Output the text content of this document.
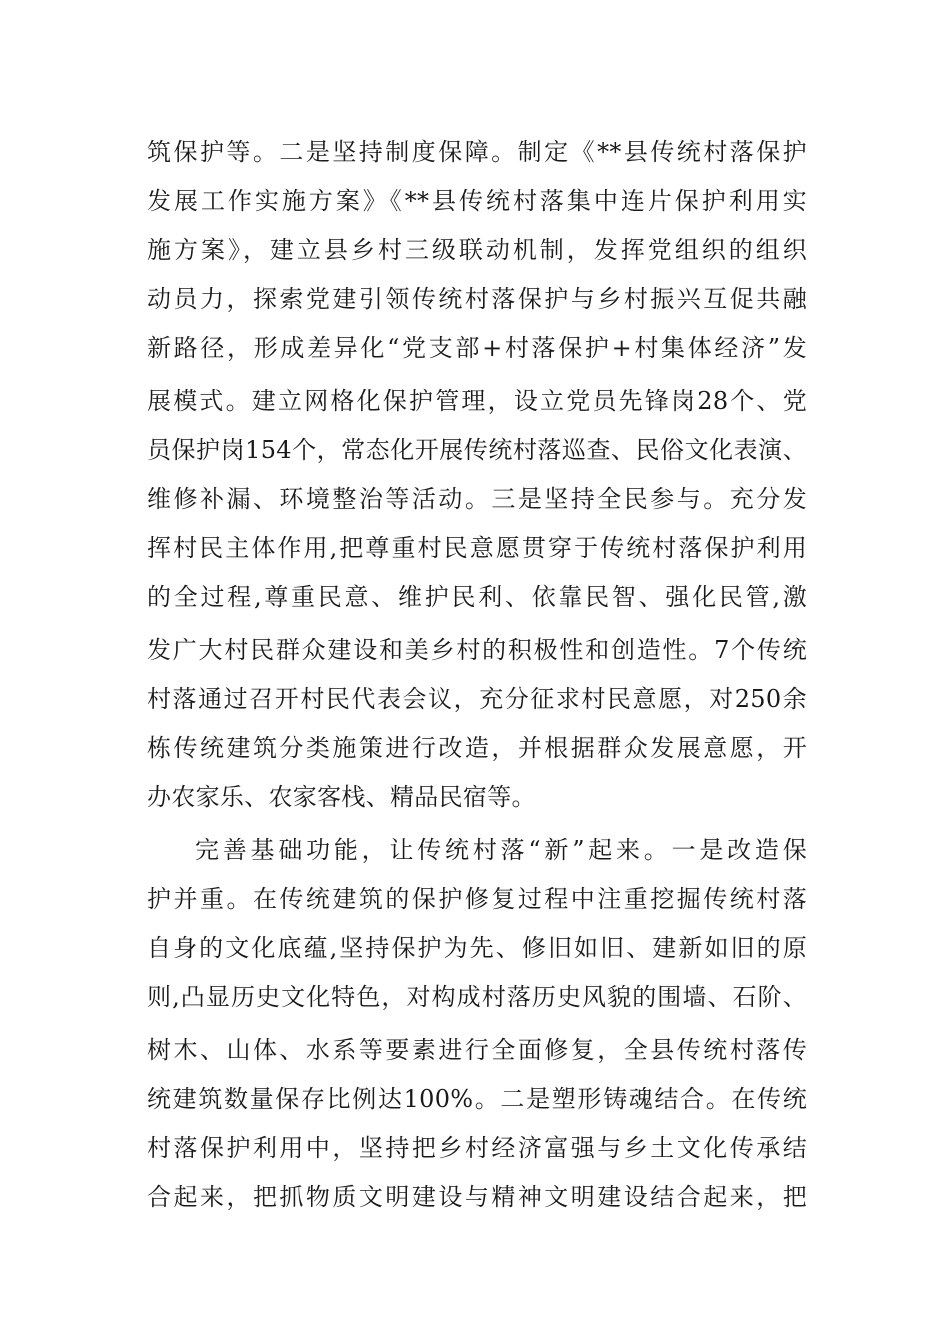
筑保护等。二是坚持制度保障。制定《**县传统村落保护
发展工作实施方案》《**县传统村落集中连片保护利用实
施方案》，建立县乡村三级联动机制，发挥党组织的组织
动员力，探索党建引领传统村落保护与乡村振兴互促共融
新路径，形成差异化“党支部+村落保护+村集体经济”发
展模式。建立网格化保护管理，设立党员先锋岗28个、党
员保护岗154个，常态化开展传统村落巡查、民俗文化表演、
维修补漏、环境整治等活动。三是坚持全民参与。充分发
挥村民主体作用,把尊重村民意愿贯穿于传统村落保护利用
的全过程,尊重民意、维护民利、依靠民智、强化民管,激
发广大村民群众建设和美乡村的积极性和创造性。7个传统
村落通过召开村民代表会议，充分征求村民意愿，对250余
栋传统建筑分类施策进行改造，并根据群众发展意愿，开
办农家乐、农家客栈、精品民宿等。
完善基础功能，让传统村落“新”起来。一是改造保
护并重。在传统建筑的保护修复过程中注重挖掘传统村落
自身的文化底蕴,坚持保护为先、修旧如旧、建新如旧的原
则,凸显历史文化特色，对构成村落历史风貌的围墙、石阶、
树木、山体、水系等要素进行全面修复，全县传统村落传
统建筑数量保存比例达100%。二是塑形铸魂结合。在传统
村落保护利用中，坚持把乡村经济富强与乡土文化传承结
合起来，把抓物质文明建设与精神文明建设结合起来，把
